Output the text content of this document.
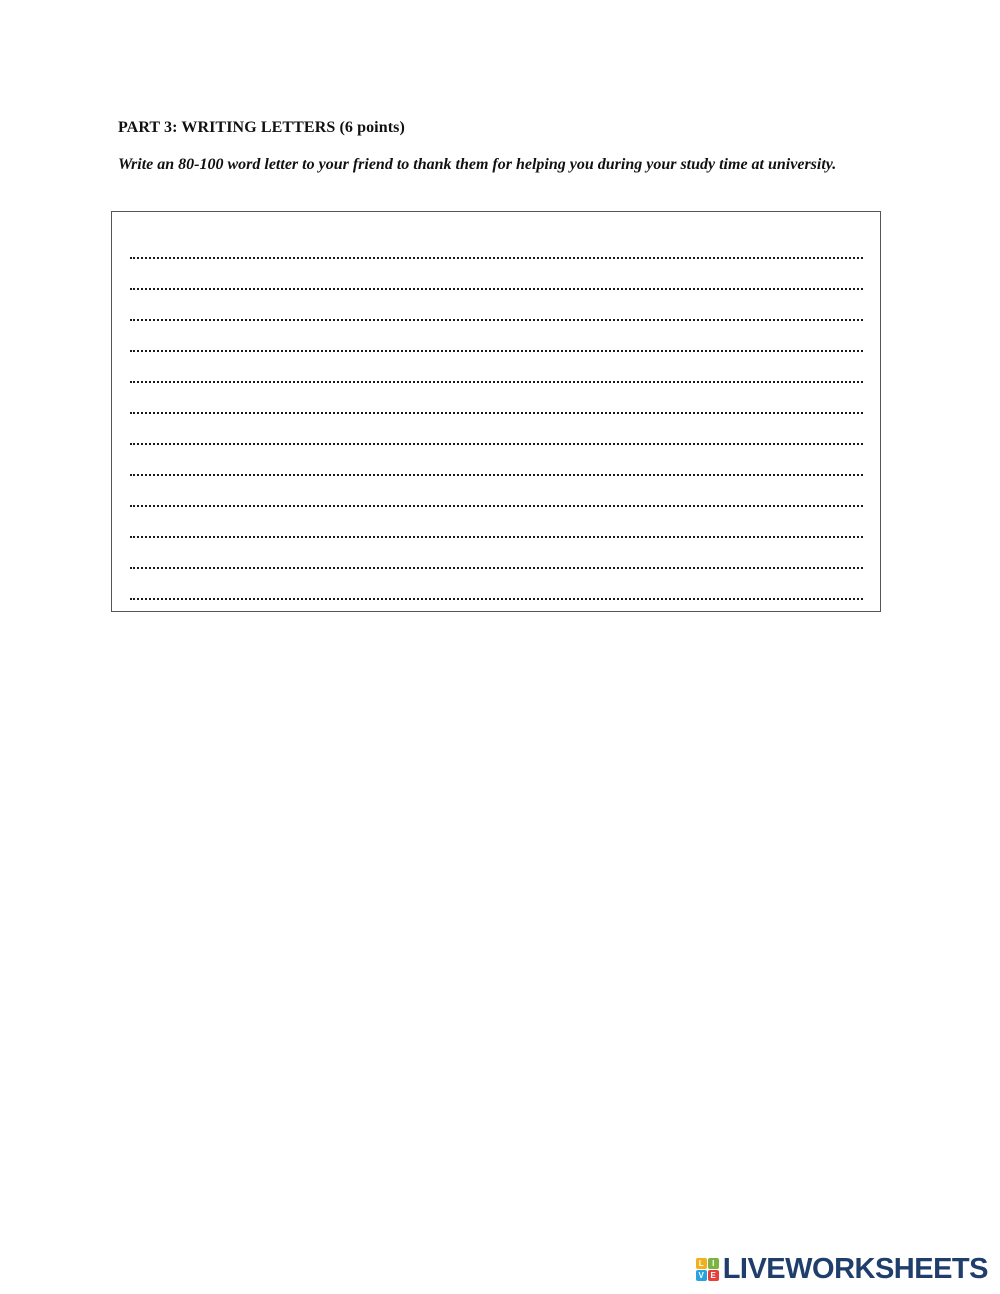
PART 3: WRITING LETTERS (6 points)

Write an 80-100 word letter to your friend to thank them for helping you during your study time at university.

L	I
V E LIVEWORKSHEETS
